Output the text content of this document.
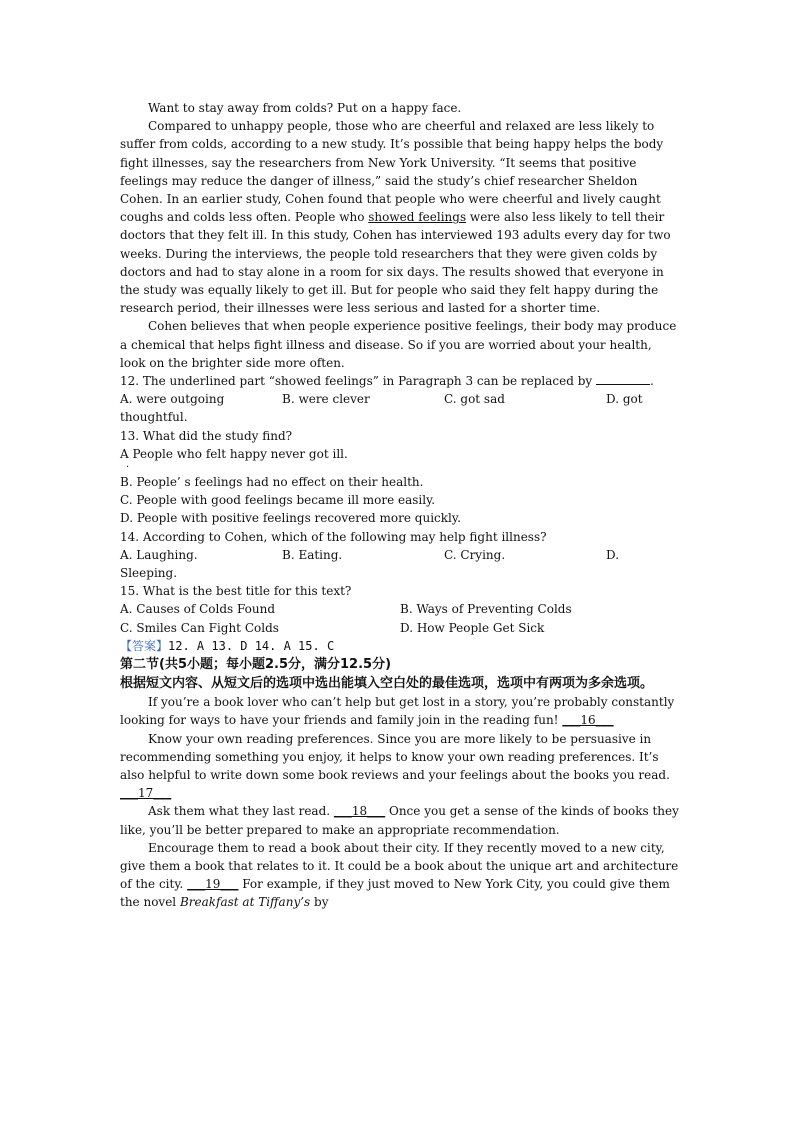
Want to stay away from colds? Put on a happy face.

Compared to unhappy people, those who are cheerful and relaxed are less likely to suffer from colds, according to a new study. It’s possible that being happy helps the body fight illnesses, say the researchers from New York University. “It seems that positive feelings may reduce the danger of illness,” said the study’s chief researcher Sheldon Cohen. In an earlier study, Cohen found that people who were cheerful and lively caught coughs and colds less often. People who showed feelings were also less likely to tell their doctors that they felt ill. In this study, Cohen has interviewed 193 adults every day for two weeks. During the interviews, the people told researchers that they were given colds by doctors and had to stay alone in a room for six days. The results showed that everyone in the study was equally likely to get ill. But for people who said they felt happy during the research period, their illnesses were less serious and lasted for a shorter time.

Cohen believes that when people experience positive feelings, their body may produce a chemical that helps fight illness and disease. So if you are worried about your health, look on the brighter side more often.

12. The underlined part “showed feelings” in Paragraph 3 can be replaced by	.

A. were outgoing	B. were clever	C. got sad	D. got

thoughtful.

13. What did the study find?

A People who felt happy never got ill.

·

B. People’ s feelings had no effect on their health.

C. People with good feelings became ill more easily.

D. People with positive feelings recovered more quickly.

14. According to Cohen, which of the following may help fight illness?

A. Laughing.	B. Eating.	C. Crying.	D.

Sleeping.

15. What is the best title for this text?

A. Causes of Colds Found	B. Ways of Preventing Colds
C. Smiles Can Fight Colds	D. How People Get Sick

【答案】12. A 13. D 14. A 15. C

第二节(共5小题；每小题2.5分，满分12.5分)

根据短文内容、从短文后的选项中选出能填入空白处的最佳选项，选项中有两项为多余选项。

If you’re a book lover who can’t help but get lost in a story, you’re probably constantly looking for ways to have your friends and family join in the reading fun! ___16___

Know your own reading preferences. Since you are more likely to be persuasive in recommending something you enjoy, it helps to know your own reading preferences. It’s also helpful to write down some book reviews and your feelings about the books you read. ___17___

Ask them what they last read. ___18___ Once you get a sense of the kinds of books they like, you’ll be better prepared to make an appropriate recommendation.

Encourage them to read a book about their city. If they recently moved to a new city, give them a book that relates to it. It could be a book about the unique art and architecture of the city. ___19___ For example, if they just moved to New York City, you could give them the novel Breakfast at Tiffany’s by
